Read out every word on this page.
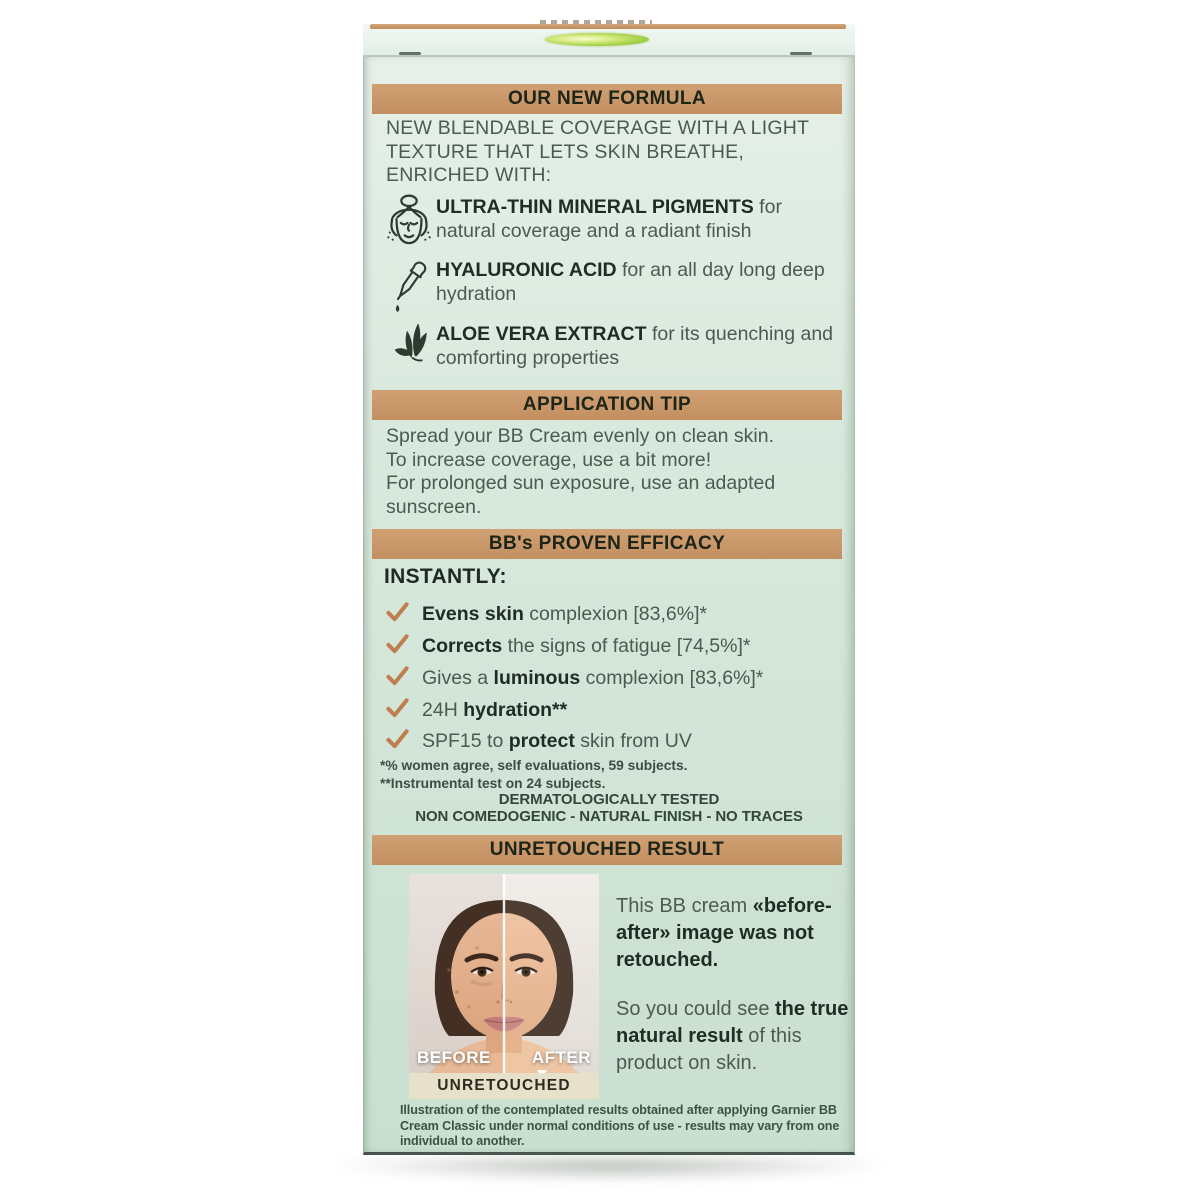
OUR NEW FORMULA
NEW BLENDABLE COVERAGE WITH A LIGHT
TEXTURE THAT LETS SKIN BREATHE,
ENRICHED WITH:

ULTRA-THIN MINERAL PIGMENTS for natural coverage and a radiant finish

HYALURONIC ACID for an all day long deep hydration

ALOE VERA EXTRACT for its quenching and comforting properties

APPLICATION TIP
Spread your BB Cream evenly on clean skin.
To increase coverage, use a bit more!
For prolonged sun exposure, use an adapted
sunscreen.
BB's PROVEN EFFICACY
INSTANTLY:
Evens skin complexion [83,6%]*
Corrects the signs of fatigue [74,5%]*
Gives a luminous complexion [83,6%]*
24H hydration**
SPF15 to protect skin from UV
*% women agree, self evaluations, 59 subjects.
**Instrumental test on 24 subjects.
DERMATOLOGICALLY TESTED
NON COMEDOGENIC - NATURAL FINISH - NO TRACES
UNRETOUCHED RESULT
BEFORE AFTER
UNRETOUCHED

This BB cream «before-after» image was not retouched.

So you could see the true natural result of this product on skin.

Illustration of the contemplated results obtained after applying Garnier BB
Cream Classic under normal conditions of use - results may vary from one
individual to another.
